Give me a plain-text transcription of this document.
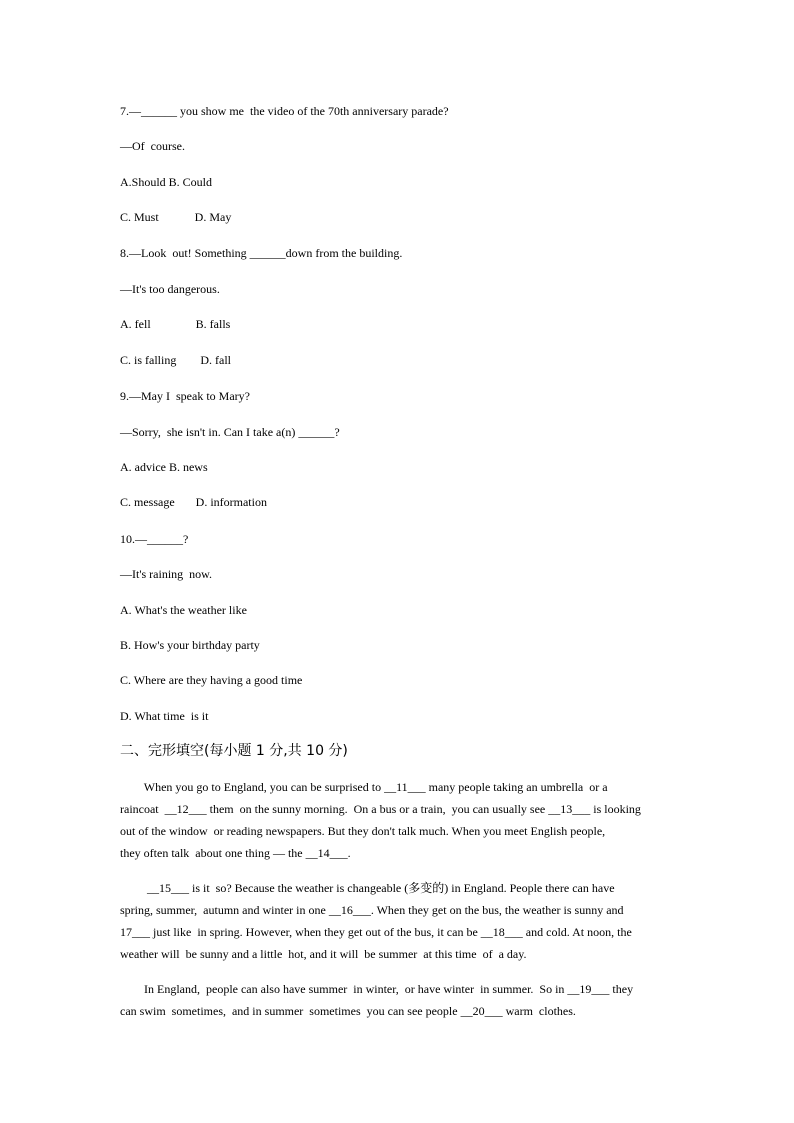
7.—______ you show me  the video of the 70th anniversary parade?
—Of  course.
A.Should B. Could
C. Must            D. May
8.—Look  out! Something ______down from the building.
—It's too dangerous.
A. fell               B. falls
C. is falling        D. fall
9.—May I  speak to Mary?
—Sorry,  she isn't in. Can I take a(n) ______?
A. advice B. news
C. message       D. information
10.—______?
—It's raining  now.
A. What's the weather like
B. How's your birthday party
C. Where are they having a good time
D. What time  is it
二、完形填空(每小题 1 分,共 10 分)
When you go to England, you can be surprised to __11___ many people taking an umbrella  or a
raincoat  __12___ them  on the sunny morning.  On a bus or a train,  you can usually see __13___ is looking
out of the window  or reading newspapers. But they don't talk much. When you meet English people,
they often talk  about one thing — the __14___.
__15___ is it  so? Because the weather is changeable (多变的) in England. People there can have
spring, summer,  autumn and winter in one __16___. When they get on the bus, the weather is sunny and
17___ just like  in spring. However, when they get out of the bus, it can be __18___ and cold. At noon, the
weather will  be sunny and a little  hot, and it will  be summer  at this time  of  a day.
In England,  people can also have summer  in winter,  or have winter  in summer.  So in __19___ they
can swim  sometimes,  and in summer  sometimes  you can see people __20___ warm  clothes.
